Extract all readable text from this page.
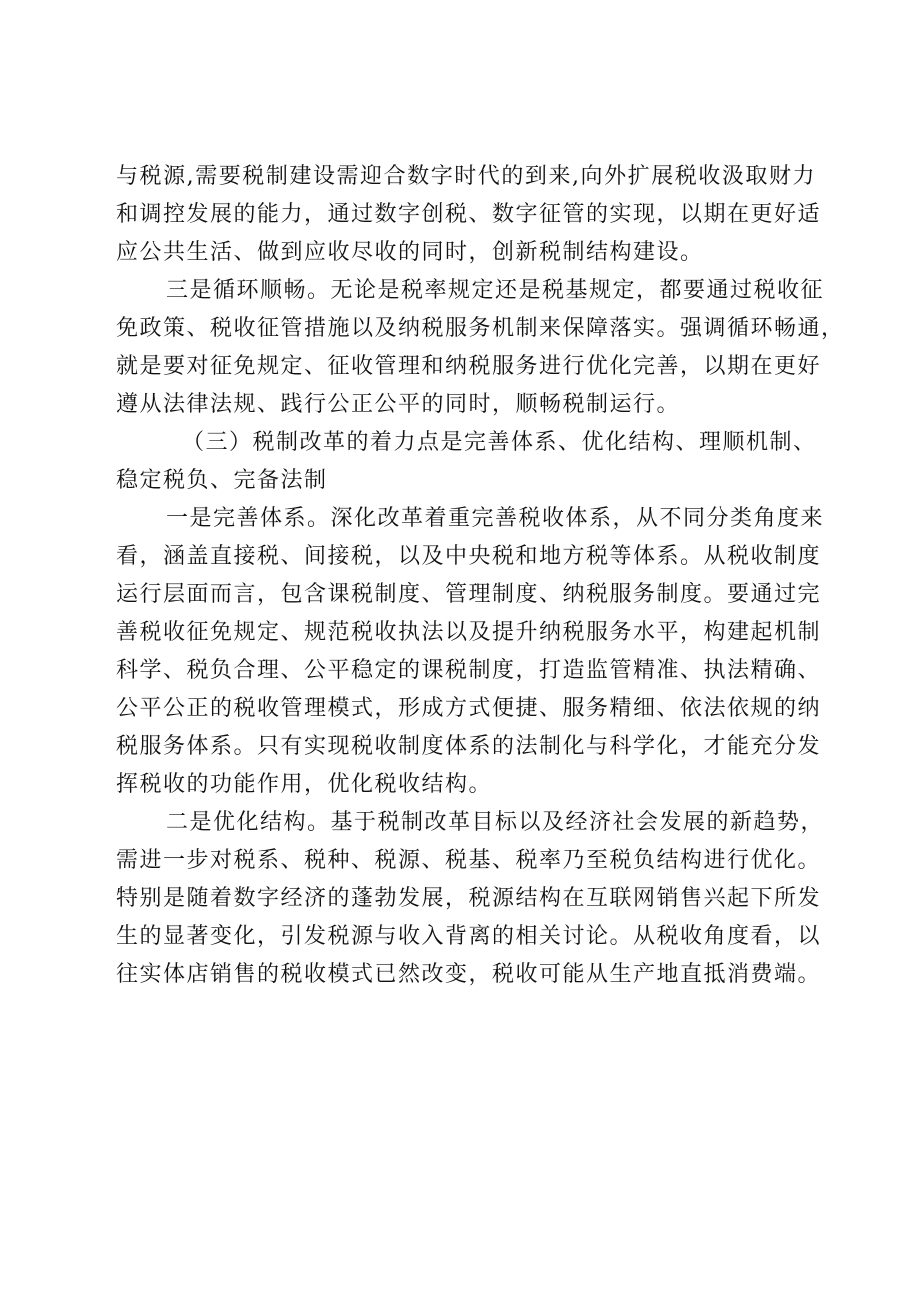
与税源,需要税制建设需迎合数字时代的到来,向外扩展税收汲取财力
和调控发展的能力，通过数字创税、数字征管的实现，以期在更好适
应公共生活、做到应收尽收的同时，创新税制结构建设。
三是循环顺畅。无论是税率规定还是税基规定，都要通过税收征
免政策、税收征管措施以及纳税服务机制来保障落实。强调循环畅通，
就是要对征免规定、征收管理和纳税服务进行优化完善，以期在更好
遵从法律法规、践行公正公平的同时，顺畅税制运行。
（三）税制改革的着力点是完善体系、优化结构、理顺机制、
稳定税负、完备法制
一是完善体系。深化改革着重完善税收体系，从不同分类角度来
看，涵盖直接税、间接税，以及中央税和地方税等体系。从税收制度
运行层面而言，包含课税制度、管理制度、纳税服务制度。要通过完
善税收征免规定、规范税收执法以及提升纳税服务水平，构建起机制
科学、税负合理、公平稳定的课税制度，打造监管精准、执法精确、
公平公正的税收管理模式，形成方式便捷、服务精细、依法依规的纳
税服务体系。只有实现税收制度体系的法制化与科学化，才能充分发
挥税收的功能作用，优化税收结构。
二是优化结构。基于税制改革目标以及经济社会发展的新趋势，
需进一步对税系、税种、税源、税基、税率乃至税负结构进行优化。
特别是随着数字经济的蓬勃发展，税源结构在互联网销售兴起下所发
生的显著变化，引发税源与收入背离的相关讨论。从税收角度看，以
往实体店销售的税收模式已然改变，税收可能从生产地直抵消费端。
